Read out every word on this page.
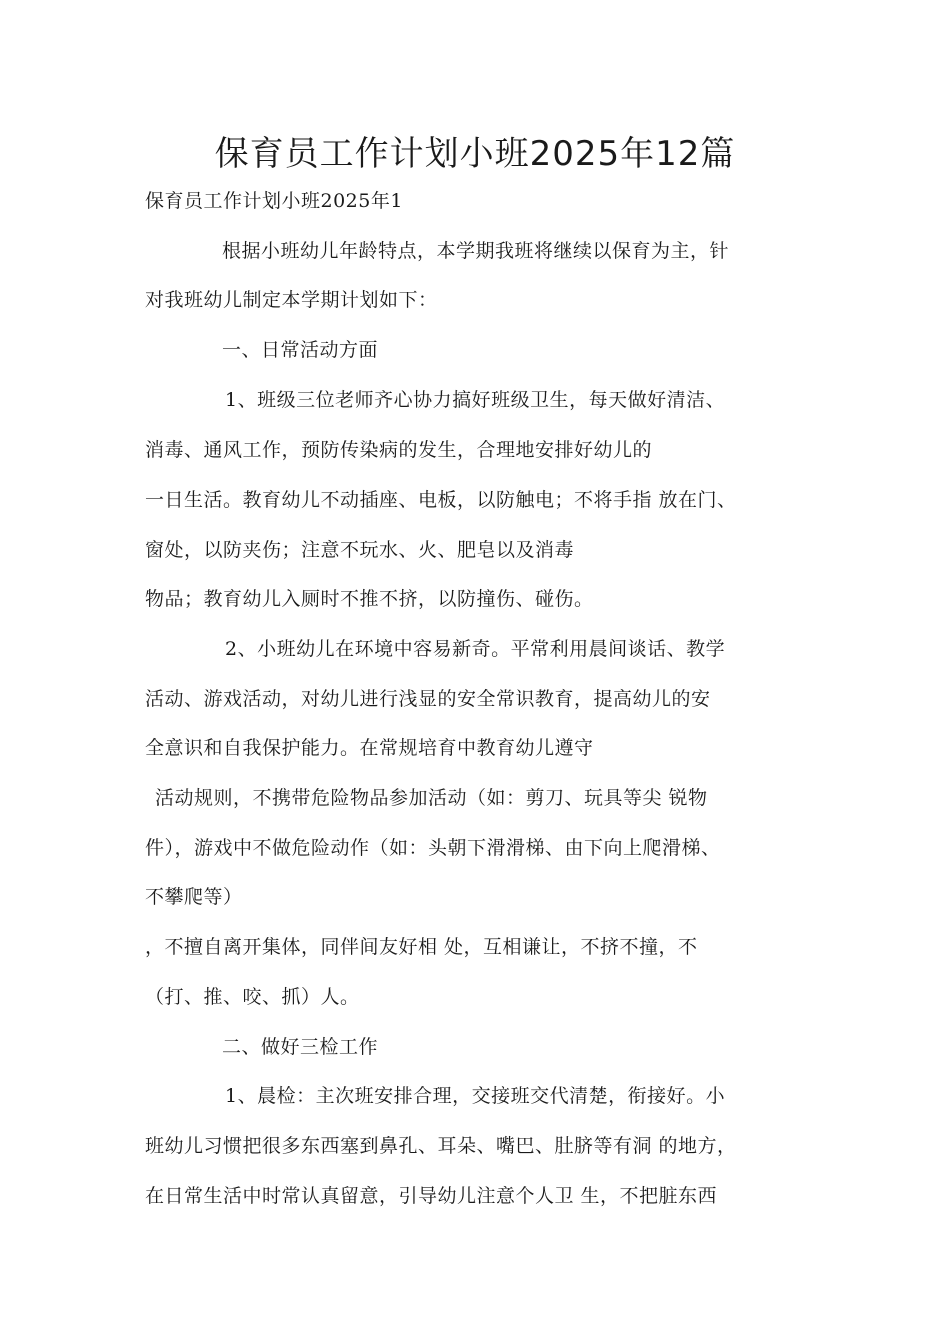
保育员工作计划小班2025年12篇
保育员工作计划小班2025年1
根据小班幼儿年龄特点，本学期我班将继续以保育为主，针
对我班幼儿制定本学期计划如下：
一、日常活动方面
1、班级三位老师齐心协力搞好班级卫生，每天做好清洁、
消毒、通风工作，预防传染病的发生，合理地安排好幼儿的
一日生活。教育幼儿不动插座、电板，以防触电；不将手指 放在门、
窗处，以防夹伤；注意不玩水、火、肥皂以及消毒
物品；教育幼儿入厕时不推不挤，以防撞伤、碰伤。
2、小班幼儿在环境中容易新奇。平常利用晨间谈话、教学
活动、游戏活动，对幼儿进行浅显的安全常识教育，提高幼儿的安
全意识和自我保护能力。在常规培育中教育幼儿遵守
活动规则，不携带危险物品参加活动（如：剪刀、玩具等尖 锐物
件），游戏中不做危险动作（如：头朝下滑滑梯、由下向上爬滑梯、
不攀爬等）
，不擅自离开集体，同伴间友好相 处，互相谦让，不挤不撞，不
（打、推、咬、抓）人。
二、做好三检工作
1、晨检：主次班安排合理，交接班交代清楚，衔接好。小
班幼儿习惯把很多东西塞到鼻孔、耳朵、嘴巴、肚脐等有洞 的地方，
在日常生活中时常认真留意，引导幼儿注意个人卫 生，不把脏东西
